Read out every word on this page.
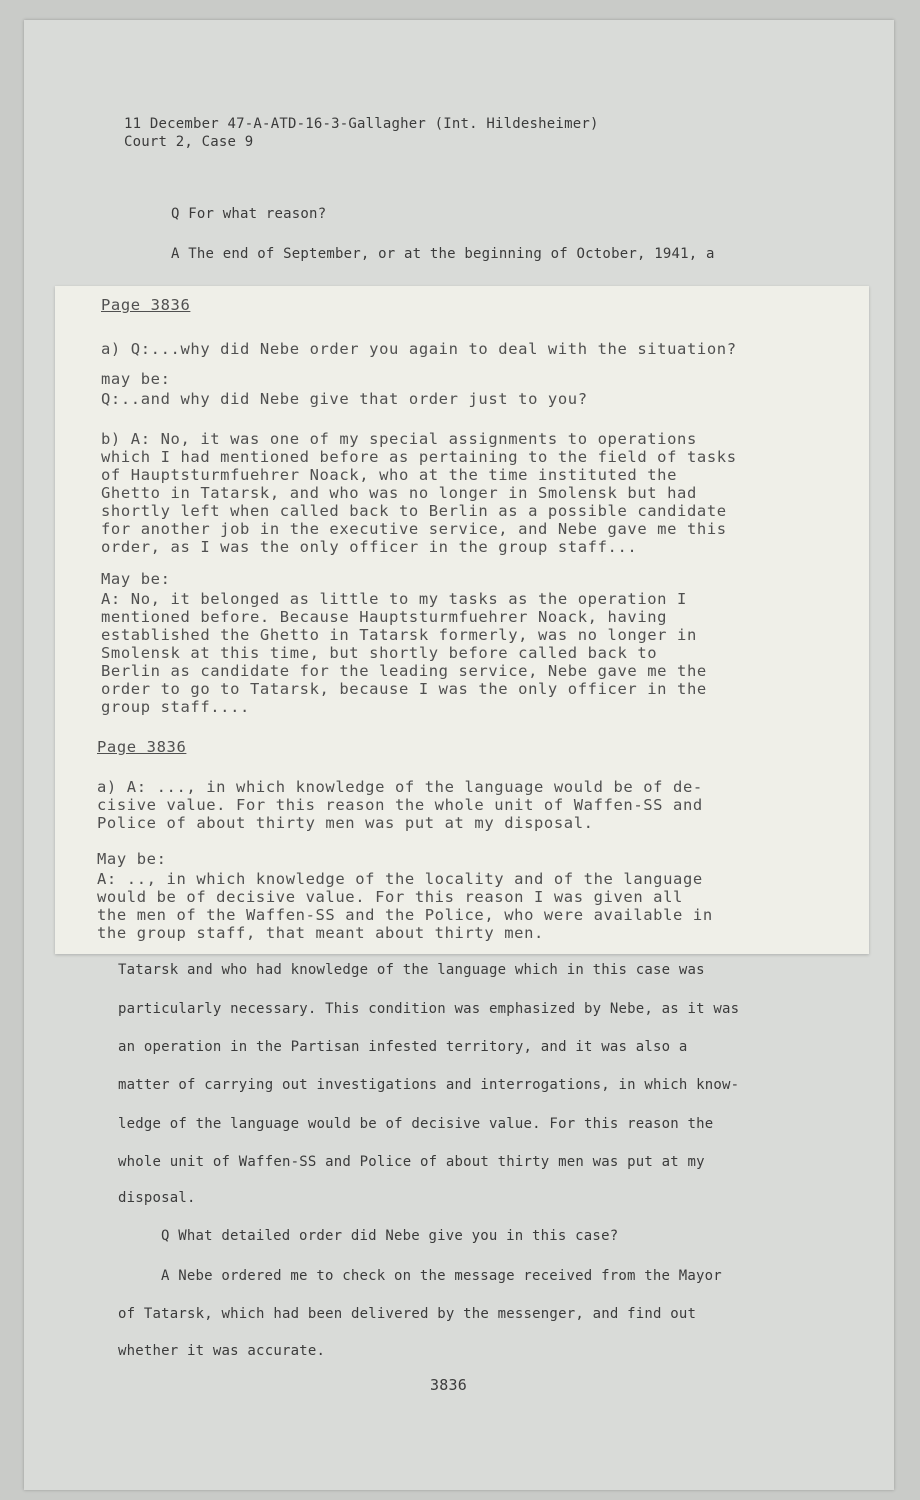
11 December 47-A-ATD-16-3-Gallagher (Int. Hildesheimer)
Court 2, Case 9
Q For what reason?
A The end of September, or at the beginning of October, 1941, a
Tatarsk and who had knowledge of the language which in this case was
particularly necessary. This condition was emphasized by Nebe, as it was
an operation in the Partisan infested territory, and it was also a
matter of carrying out investigations and interrogations, in which know-
ledge of the language would be of decisive value. For this reason the
whole unit of Waffen-SS and Police of about thirty men was put at my
disposal.
Q What detailed order did Nebe give you in this case?
A Nebe ordered me to check on the message received from the Mayor
of Tatarsk, which had been delivered by the messenger, and find out
whether it was accurate.
3836
Page 3836
a) Q:...why did Nebe order you again to deal with the situation?
may be:
Q:..and why did Nebe give that order just to you?
b) A: No, it was one of my special assignments to operations
which I had mentioned before as pertaining to the field of tasks
of Hauptsturmfuehrer Noack, who at the time instituted the
Ghetto in Tatarsk, and who was no longer in Smolensk but had
shortly left when called back to Berlin as a possible candidate
for another job in the executive service, and Nebe gave me this
order, as I was the only officer in the group staff...
May be:
A: No, it belonged as little to my tasks as the operation I
mentioned before. Because Hauptsturmfuehrer Noack, having
established the Ghetto in Tatarsk formerly, was no longer in
Smolensk at this time, but shortly before called back to
Berlin as candidate for the leading service, Nebe gave me the
order to go to Tatarsk, because I was the only officer in the
group staff....
Page 3836
a) A: ..., in which knowledge of the language would be of de-
cisive value. For this reason the whole unit of Waffen-SS and
Police of about thirty men was put at my disposal.
May be:
A: .., in which knowledge of the locality and of the language
would be of decisive value. For this reason I was given all
the men of the Waffen-SS and the Police, who were available in
the group staff, that meant about thirty men.
